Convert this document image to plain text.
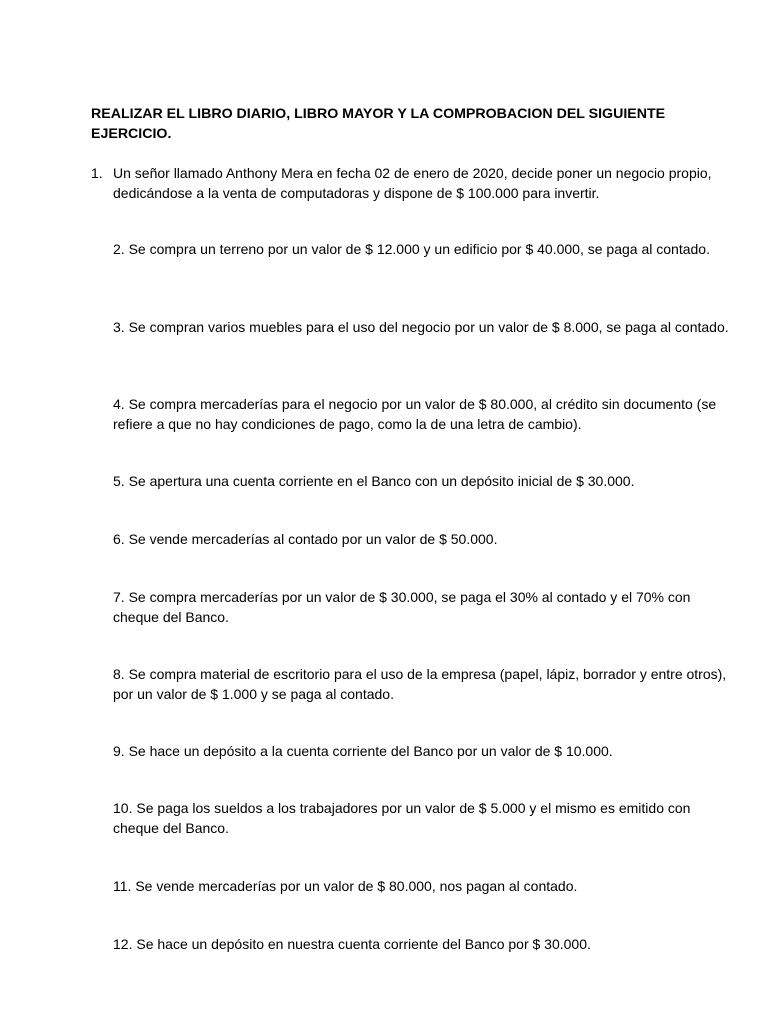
REALIZAR EL LIBRO DIARIO, LIBRO MAYOR Y LA COMPROBACION DEL SIGUIENTE EJERCICIO.
1. Un señor llamado Anthony Mera en fecha 02 de enero de 2020, decide poner un negocio propio, dedicándose a la venta de computadoras y dispone de $ 100.000 para invertir.

2. Se compra un terreno por un valor de $ 12.000 y un edificio por $ 40.000, se paga al contado.

3. Se compran varios muebles para el uso del negocio por un valor de $ 8.000, se paga al contado.

4. Se compra mercaderías para el negocio por un valor de $ 80.000, al crédito sin documento (se refiere a que no hay condiciones de pago, como la de una letra de cambio).

5. Se apertura una cuenta corriente en el Banco con un depósito inicial de $ 30.000.

6. Se vende mercaderías al contado por un valor de $ 50.000.

7. Se compra mercaderías por un valor de $ 30.000, se paga el 30% al contado y el 70% con cheque del Banco.

8. Se compra material de escritorio para el uso de la empresa (papel, lápiz, borrador y entre otros), por un valor de $ 1.000 y se paga al contado.

9. Se hace un depósito a la cuenta corriente del Banco por un valor de $ 10.000.

10. Se paga los sueldos a los trabajadores por un valor de $ 5.000 y el mismo es emitido con cheque del Banco.

11. Se vende mercaderías por un valor de $ 80.000, nos pagan al contado.

12. Se hace un depósito en nuestra cuenta corriente del Banco por $ 30.000.
